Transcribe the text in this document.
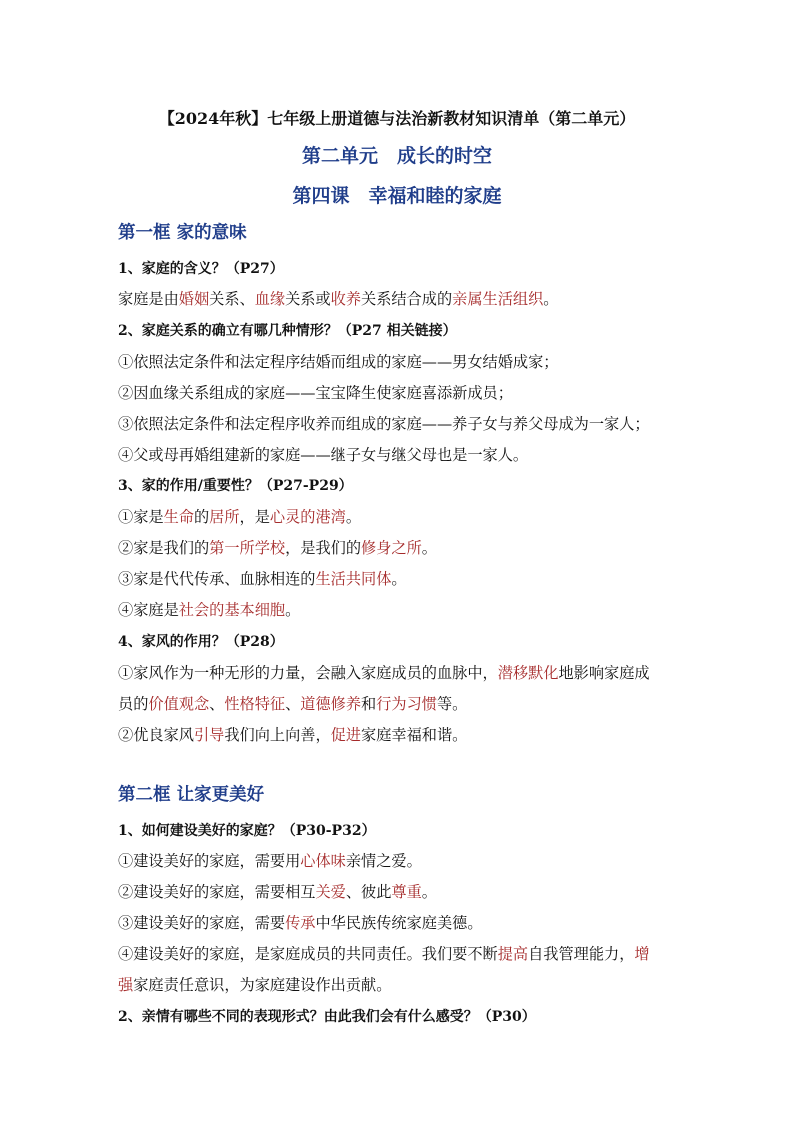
【2024年秋】七年级上册道德与法治新教材知识清单（第二单元）
第二单元　成长的时空
第四课　幸福和睦的家庭
第一框 家的意味
1、家庭的含义？（P27）
家庭是由婚姻关系、血缘关系或收养关系结合成的亲属生活组织。
2、家庭关系的确立有哪几种情形？（P27 相关链接）
①依照法定条件和法定程序结婚而组成的家庭——男女结婚成家；
②因血缘关系组成的家庭——宝宝降生使家庭喜添新成员；
③依照法定条件和法定程序收养而组成的家庭——养子女与养父母成为一家人；
④父或母再婚组建新的家庭——继子女与继父母也是一家人。
3、家的作用/重要性？（P27-P29）
①家是生命的居所，是心灵的港湾。
②家是我们的第一所学校，是我们的修身之所。
③家是代代传承、血脉相连的生活共同体。
④家庭是社会的基本细胞。
4、家风的作用？（P28）
①家风作为一种无形的力量，会融入家庭成员的血脉中，潜移默化地影响家庭成
员的价值观念、性格特征、道德修养和行为习惯等。
②优良家风引导我们向上向善，促进家庭幸福和谐。
第二框 让家更美好
1、如何建设美好的家庭？（P30-P32）
①建设美好的家庭，需要用心体味亲情之爱。
②建设美好的家庭，需要相互关爱、彼此尊重。
③建设美好的家庭，需要传承中华民族传统家庭美德。
④建设美好的家庭，是家庭成员的共同责任。我们要不断提高自我管理能力，增
强家庭责任意识，为家庭建设作出贡献。
2、亲情有哪些不同的表现形式？由此我们会有什么感受？（P30）
